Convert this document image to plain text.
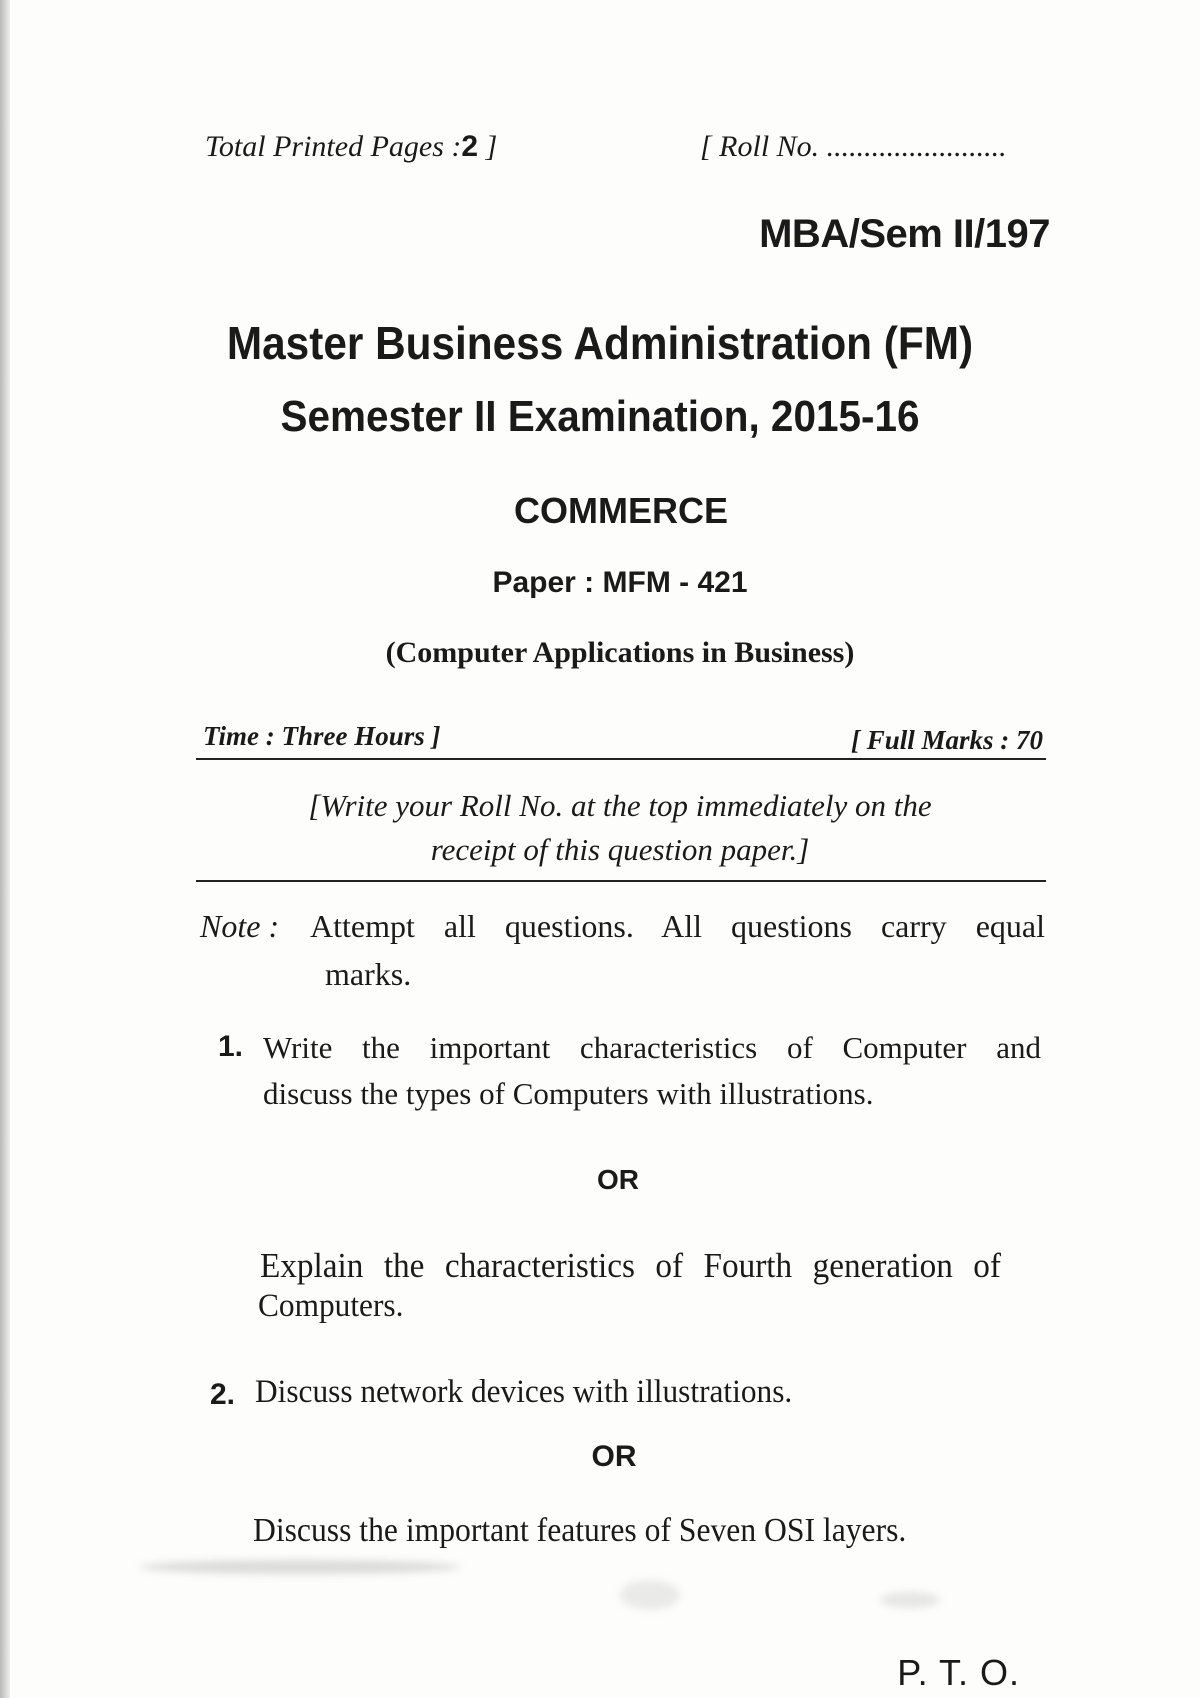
Total Printed Pages :2 ]	[ Roll No. ........................
MBA/Sem II/197
Master Business Administration (FM)
Semester II Examination, 2015-16
COMMERCE
Paper : MFM - 421
(Computer Applications in Business)
Time : Three Hours ]	[ Full Marks : 70
[Write your Roll No. at the top immediately on the
receipt of this question paper.]
Note : Attempt all questions. All questions carry equal
marks.
1. Write the important characteristics of Computer and
discuss the types of Computers with illustrations.
OR
Explain the characteristics of Fourth generation of
Computers.
2. Discuss network devices with illustrations.
OR
Discuss the important features of Seven OSI layers.
P. T. O.
